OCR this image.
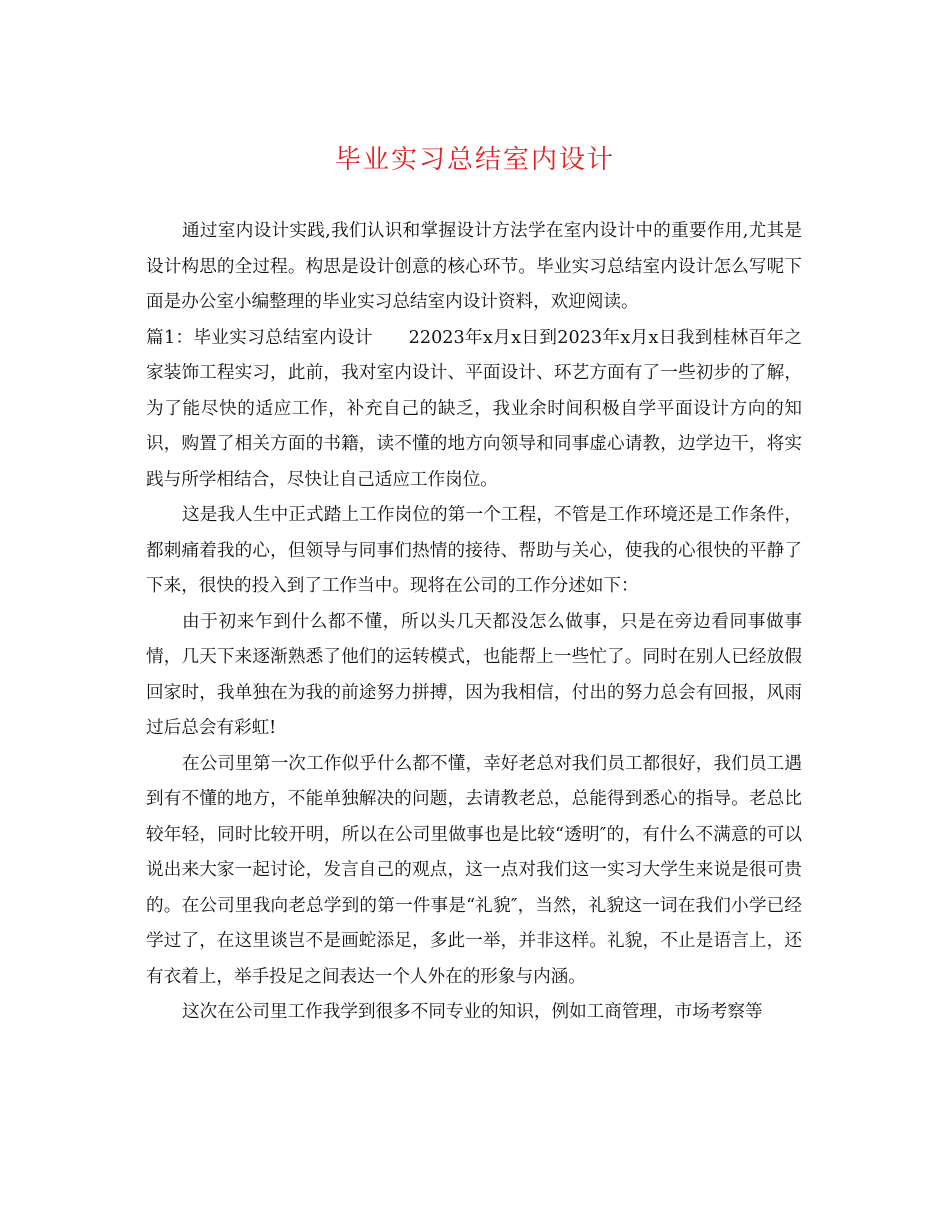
毕业实习总结室内设计

通过室内设计实践,我们认识和掌握设计方法学在室内设计中的重要作用,尤其是设计构思的全过程。构思是设计创意的核心环节。毕业实习总结室内设计怎么写呢下面是办公室小编整理的毕业实习总结室内设计资料，欢迎阅读。

篇1：毕业实习总结室内设计　　22023年x月x日到2023年x月x日我到桂林百年之家装饰工程实习，此前，我对室内设计、平面设计、环艺方面有了一些初步的了解，为了能尽快的适应工作，补充自己的缺乏，我业余时间积极自学平面设计方向的知识，购置了相关方面的书籍，读不懂的地方向领导和同事虚心请教，边学边干，将实践与所学相结合，尽快让自己适应工作岗位。

这是我人生中正式踏上工作岗位的第一个工程，不管是工作环境还是工作条件，都刺痛着我的心，但领导与同事们热情的接待、帮助与关心，使我的心很快的平静了下来，很快的投入到了工作当中。现将在公司的工作分述如下：

由于初来乍到什么都不懂，所以头几天都没怎么做事，只是在旁边看同事做事情，几天下来逐渐熟悉了他们的运转模式，也能帮上一些忙了。同时在别人已经放假回家时，我单独在为我的前途努力拼搏，因为我相信，付出的努力总会有回报，风雨过后总会有彩虹!

在公司里第一次工作似乎什么都不懂，幸好老总对我们员工都很好，我们员工遇到有不懂的地方，不能单独解决的问题，去请教老总，总能得到悉心的指导。老总比较年轻，同时比较开明，所以在公司里做事也是比较“透明″的，有什么不满意的可以说出来大家一起讨论，发言自己的观点，这一点对我们这一实习大学生来说是很可贵的。在公司里我向老总学到的第一件事是“礼貌″，当然，礼貌这一词在我们小学已经学过了，在这里谈岂不是画蛇添足，多此一举，并非这样。礼貌，不止是语言上，还有衣着上，举手投足之间表达一个人外在的形象与内涵。

这次在公司里工作我学到很多不同专业的知识，例如工商管理，市场考察等
